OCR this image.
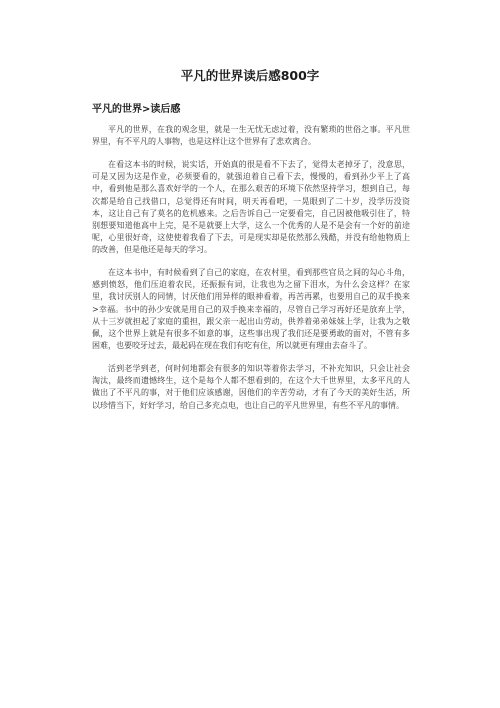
平凡的世界读后感800字
平凡的世界>读后感

平凡的世界，在我的观念里，就是一生无忧无虑过着，没有繁琐的世俗之事。平凡世界里，有不平凡的人事物，也是这样让这个世界有了悲欢离合。

在看这本书的时候，说实话，开始真的很是看不下去了，觉得太老掉牙了，没意思，可是又因为这是作业，必须要看的，就强迫着自己看下去，慢慢的，看到孙少平上了高中，看到他是那么喜欢好学的一个人，在那么艰苦的环境下依然坚持学习，想到自己，每次都是给自己找借口，总觉得还有时间，明天再看吧，一晃眼到了二十岁，没学历没资本，这让自己有了莫名的危机感来。之后告诉自己一定要看完，自己因被他吸引住了，特别想要知道他高中上完，是不是就要上大学，这么一个优秀的人是不是会有一个好的前途呢，心里很好奇，这使使着我看了下去，可是现实却是依然那么残酷，并没有给他物质上的改善，但是他还是每天的学习。

在这本书中，有时候看到了自己的家庭，在农村里，看到那些官员之间的勾心斗角，感到愤怒，他们压迫着农民，还振振有词，让我也为之留下泪水，为什么会这样？在家里，我讨厌别人的同情，讨厌他们用异样的眼神看着，再苦再累，也要用自己的双手换来>幸福。书中的孙少安就是用自己的双手换来幸福的，尽管自己学习再好还是放弃上学，从十三岁就担起了家庭的重担，跟父亲一起出山劳动，供养着弟弟妹妹上学，让我为之敬佩，这个世界上就是有很多不如意的事，这些事出现了我们还是要勇敢的面对，不管有多困难，也要咬牙过去，最起码在现在我们有吃有住，所以就更有理由去奋斗了。

活到老学到老，何时何地都会有很多的知识等着你去学习，不补充知识，只会让社会淘汰，最终而遗憾终生，这个是每个人都不想看到的，在这个大千世界里，太多平凡的人做出了不平凡的事，对于他们应该感谢，因他们的辛苦劳动，才有了今天的美好生活，所以珍惜当下，好好学习，给自己多充点电，也让自己的平凡世界里，有些不平凡的事情。
